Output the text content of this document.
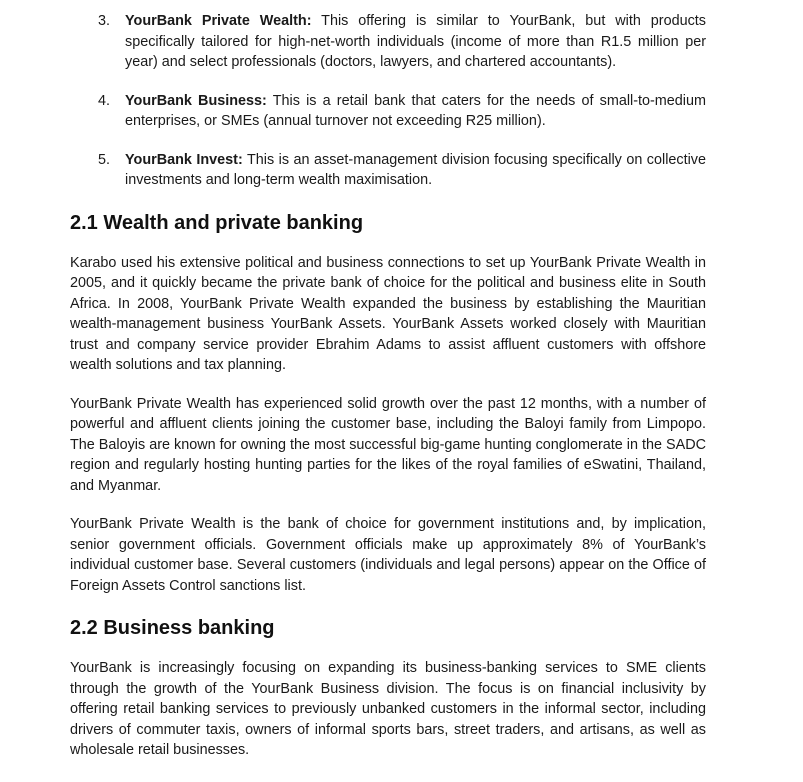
3. YourBank Private Wealth: This offering is similar to YourBank, but with products specifically tailored for high-net-worth individuals (income of more than R1.5 million per year) and select professionals (doctors, lawyers, and chartered accountants).
4. YourBank Business: This is a retail bank that caters for the needs of small-to-medium enterprises, or SMEs (annual turnover not exceeding R25 million).
5. YourBank Invest: This is an asset-management division focusing specifically on collective investments and long-term wealth maximisation.
2.1 Wealth and private banking

Karabo used his extensive political and business connections to set up YourBank Private Wealth in 2005, and it quickly became the private bank of choice for the political and business elite in South Africa. In 2008, YourBank Private Wealth expanded the business by establishing the Mauritian wealth-management business YourBank Assets. YourBank Assets worked closely with Mauritian trust and company service provider Ebrahim Adams to assist affluent customers with offshore wealth solutions and tax planning.

YourBank Private Wealth has experienced solid growth over the past 12 months, with a number of powerful and affluent clients joining the customer base, including the Baloyi family from Limpopo. The Baloyis are known for owning the most successful big-game hunting conglomerate in the SADC region and regularly hosting hunting parties for the likes of the royal families of eSwatini, Thailand, and Myanmar.

YourBank Private Wealth is the bank of choice for government institutions and, by implication, senior government officials. Government officials make up approximately 8% of YourBank’s individual customer base. Several customers (individuals and legal persons) appear on the Office of Foreign Assets Control sanctions list.

2.2 Business banking

YourBank is increasingly focusing on expanding its business-banking services to SME clients through the growth of the YourBank Business division. The focus is on financial inclusivity by offering retail banking services to previously unbanked customers in the informal sector, including drivers of commuter taxis, owners of informal sports bars, street traders, and artisans, as well as wholesale retail businesses.
